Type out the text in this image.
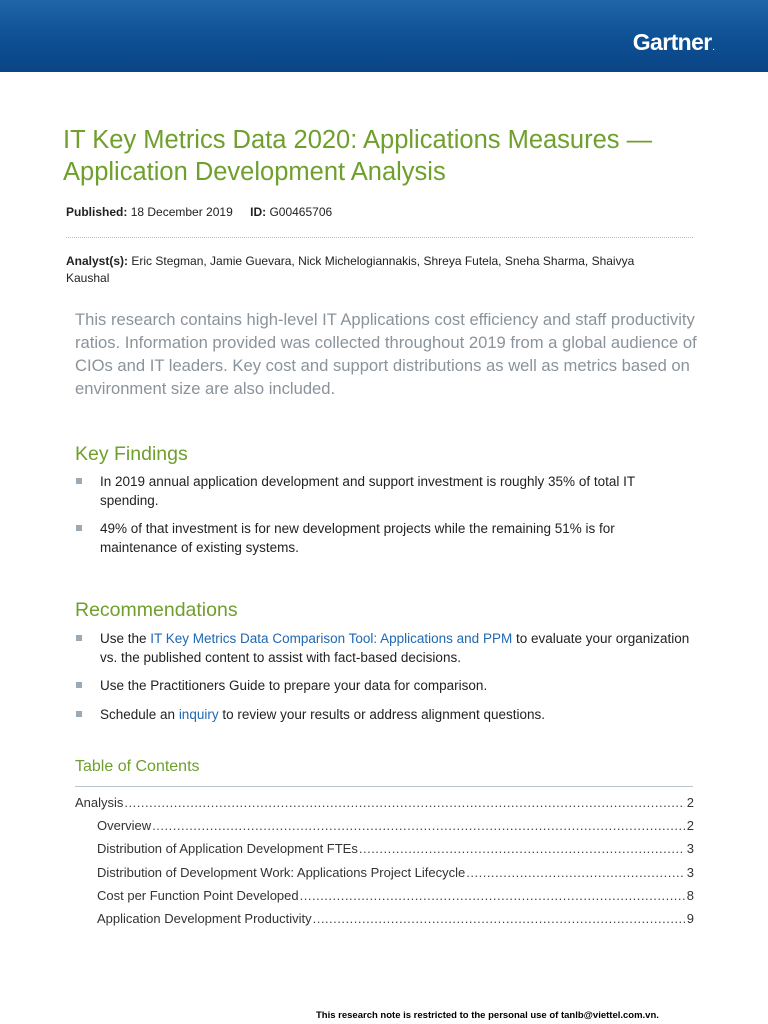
Gartner.
IT Key Metrics Data 2020: Applications Measures — Application Development Analysis
Published: 18 December 2019 ID: G00465706
Analyst(s): Eric Stegman, Jamie Guevara, Nick Michelogiannakis, Shreya Futela, Sneha Sharma, Shaivya Kaushal
This research contains high-level IT Applications cost efficiency and staff productivity ratios. Information provided was collected throughout 2019 from a global audience of CIOs and IT leaders. Key cost and support distributions as well as metrics based on environment size are also included.
Key Findings
In 2019 annual application development and support investment is roughly 35% of total IT spending.
49% of that investment is for new development projects while the remaining 51% is for maintenance of existing systems.
Recommendations
Use the IT Key Metrics Data Comparison Tool: Applications and PPM to evaluate your organization vs. the published content to assist with fact-based decisions.
Use the Practitioners Guide to prepare your data for comparison.
Schedule an inquiry to review your results or address alignment questions.
Table of Contents
Analysis .....	2
Overview .....	2
Distribution of Application Development FTEs .....	3
Distribution of Development Work: Applications Project Lifecycle .....	3
Cost per Function Point Developed .....	8
Application Development Productivity .....	9
This research note is restricted to the personal use of tanlb@viettel.com.vn.
